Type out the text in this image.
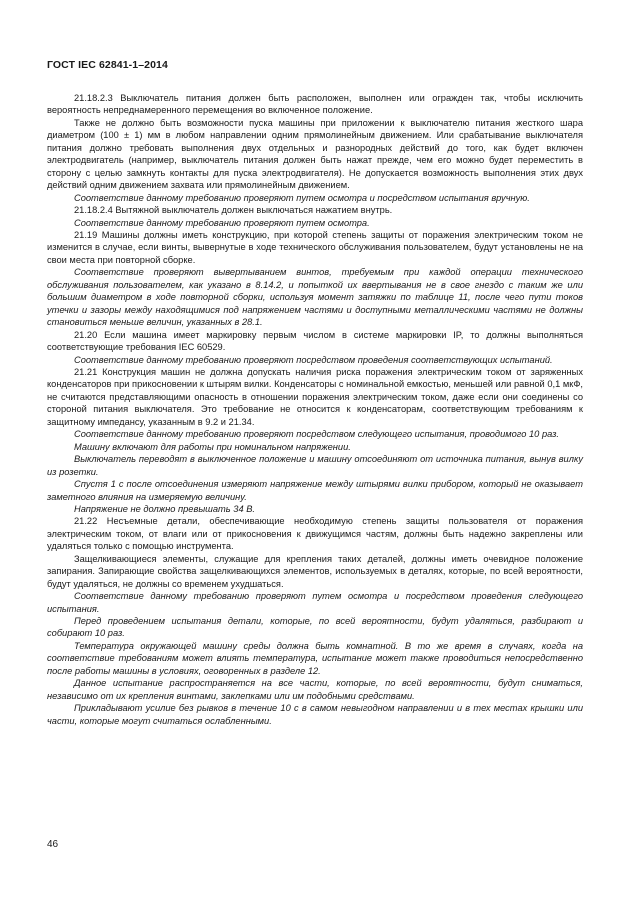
ГОСТ IEC 62841-1–2014

21.18.2.3 Выключатель питания должен быть расположен, выполнен или огражден так, чтобы исключить вероятность непреднамеренного перемещения во включенное положение.

Также не должно быть возможности пуска машины при приложении к выключателю питания жесткого шара диаметром (100 ± 1) мм в любом направлении одним прямолинейным движением. Или срабатывание выключателя питания должно требовать выполнения двух отдельных и разнородных действий до того, как будет включен электродвигатель (например, выключатель питания должен быть нажат прежде, чем его можно будет переместить в сторону с целью замкнуть контакты для пуска электродвигателя). Не допускается возможность выполнения этих двух действий одним движением захвата или прямолинейным движением.

Соответствие данному требованию проверяют путем осмотра и посредством испытания вручную.

21.18.2.4 Вытяжной выключатель должен выключаться нажатием внутрь.

Соответствие данному требованию проверяют путем осмотра.

21.19 Машины должны иметь конструкцию, при которой степень защиты от поражения электрическим током не изменится в случае, если винты, вывернутые в ходе технического обслуживания пользователем, будут установлены не на свои места при повторной сборке.

Соответствие проверяют вывертыванием винтов, требуемым при каждой операции технического обслуживания пользователем, как указано в 8.14.2, и попыткой их ввертывания не в свое гнездо с таким же или большим диаметром в ходе повторной сборки, используя момент затяжки по таблице 11, после чего пути токов утечки и зазоры между находящимися под напряжением частями и доступными металлическими частями не должны становиться меньше величин, указанных в 28.1.

21.20 Если машина имеет маркировку первым числом в системе маркировки IP, то должны выполняться соответствующие требования IEC 60529.

Соответствие данному требованию проверяют посредством проведения соответствующих испытаний.

21.21 Конструкция машин не должна допускать наличия риска поражения электрическим током от заряженных конденсаторов при прикосновении к штырям вилки. Конденсаторы с номинальной емкостью, меньшей или равной 0,1 мкФ, не считаются представляющими опасность в отношении поражения электрическим током, даже если они соединены со стороной питания выключателя. Это требование не относится к конденсаторам, соответствующим требованиям к защитному импедансу, указанным в 9.2 и 21.34.

Соответствие данному требованию проверяют посредством следующего испытания, проводимого 10 раз.

Машину включают для работы при номинальном напряжении.

Выключатель переводят в выключенное положение и машину отсоединяют от источника питания, вынув вилку из розетки.

Спустя 1 с после отсоединения измеряют напряжение между штырями вилки прибором, который не оказывает заметного влияния на измеряемую величину.

Напряжение не должно превышать 34 В.

21.22 Несъемные детали, обеспечивающие необходимую степень защиты пользователя от поражения электрическим током, от влаги или от прикосновения к движущимся частям, должны быть надежно закреплены или удаляться только с помощью инструмента.

Защелкивающиеся элементы, служащие для крепления таких деталей, должны иметь очевидное положение запирания. Запирающие свойства защелкивающихся элементов, используемых в деталях, которые, по всей вероятности, будут удаляться, не должны со временем ухудшаться.

Соответствие данному требованию проверяют путем осмотра и посредством проведения следующего испытания.

Перед проведением испытания детали, которые, по всей вероятности, будут удаляться, разбирают и собирают 10 раз.

Температура окружающей машину среды должна быть комнатной. В то же время в случаях, когда на соответствие требованиям может влиять температура, испытание может также проводиться непосредственно после работы машины в условиях, оговоренных в разделе 12.

Данное испытание распространяется на все части, которые, по всей вероятности, будут сниматься, независимо от их крепления винтами, заклепками или им подобными средствами.

Прикладывают усилие без рывков в течение 10 с в самом невыгодном направлении и в тех местах крышки или части, которые могут считаться ослабленными.

46
